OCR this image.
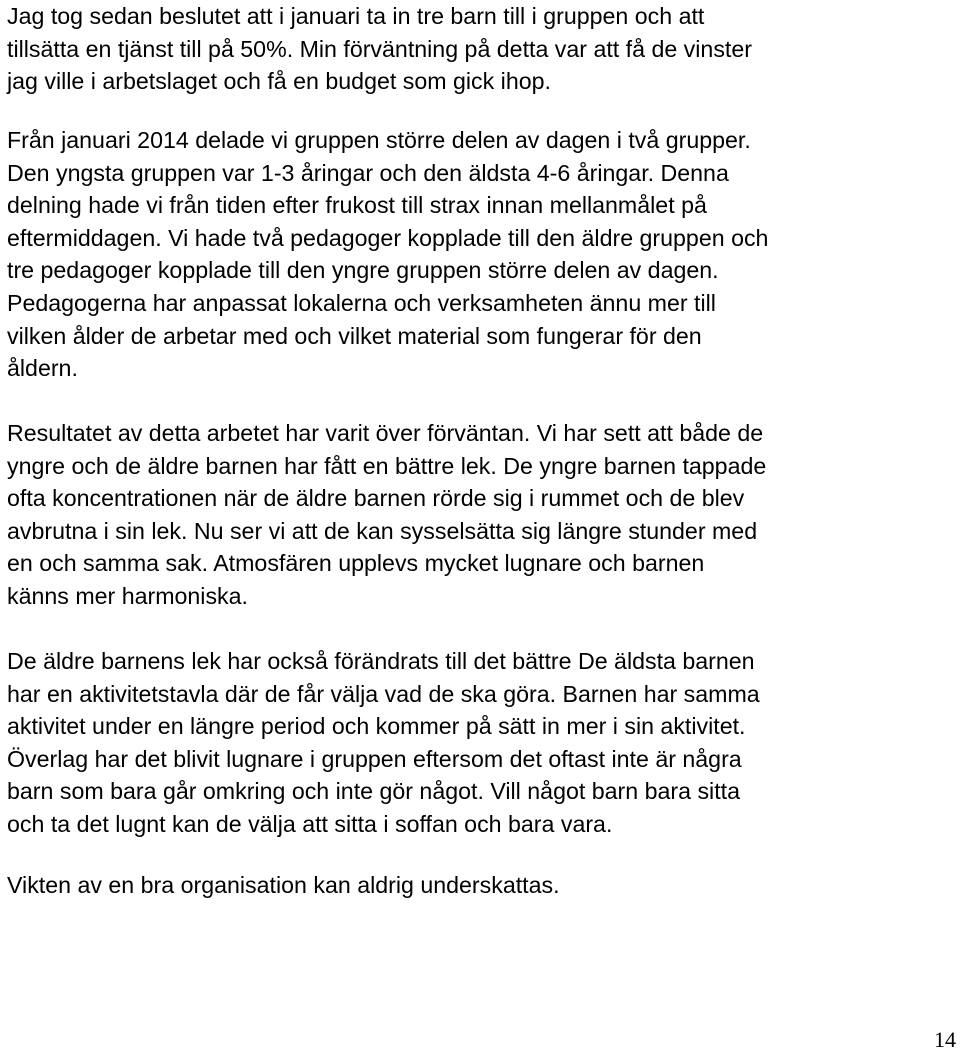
Jag tog sedan beslutet att i januari ta in tre barn till i gruppen och att
tillsätta en tjänst till på 50%. Min förväntning på detta var att få de vinster
jag ville i arbetslaget och få en budget som gick ihop.

Från januari 2014 delade vi gruppen större delen av dagen i två grupper.
Den yngsta gruppen var 1-3 åringar och den äldsta 4-6 åringar. Denna
delning hade vi från tiden efter frukost till strax innan mellanmålet på
eftermiddagen. Vi hade två pedagoger kopplade till den äldre gruppen och
tre pedagoger kopplade till den yngre gruppen större delen av dagen.
Pedagogerna har anpassat lokalerna och verksamheten ännu mer till
vilken ålder de arbetar med och vilket material som fungerar för den
åldern.

Resultatet av detta arbetet har varit över förväntan. Vi har sett att både de
yngre och de äldre barnen har fått en bättre lek. De yngre barnen tappade
ofta koncentrationen när de äldre barnen rörde sig i rummet och de blev
avbrutna i sin lek. Nu ser vi att de kan sysselsätta sig längre stunder med
en och samma sak. Atmosfären upplevs mycket lugnare och barnen
känns mer harmoniska.

De äldre barnens lek har också förändrats till det bättre De äldsta barnen
har en aktivitetstavla där de får välja vad de ska göra. Barnen har samma
aktivitet under en längre period och kommer på sätt in mer i sin aktivitet.
Överlag har det blivit lugnare i gruppen eftersom det oftast inte är några
barn som bara går omkring och inte gör något. Vill något barn bara sitta
och ta det lugnt kan de välja att sitta i soffan och bara vara.

Vikten av en bra organisation kan aldrig underskattas.

14
